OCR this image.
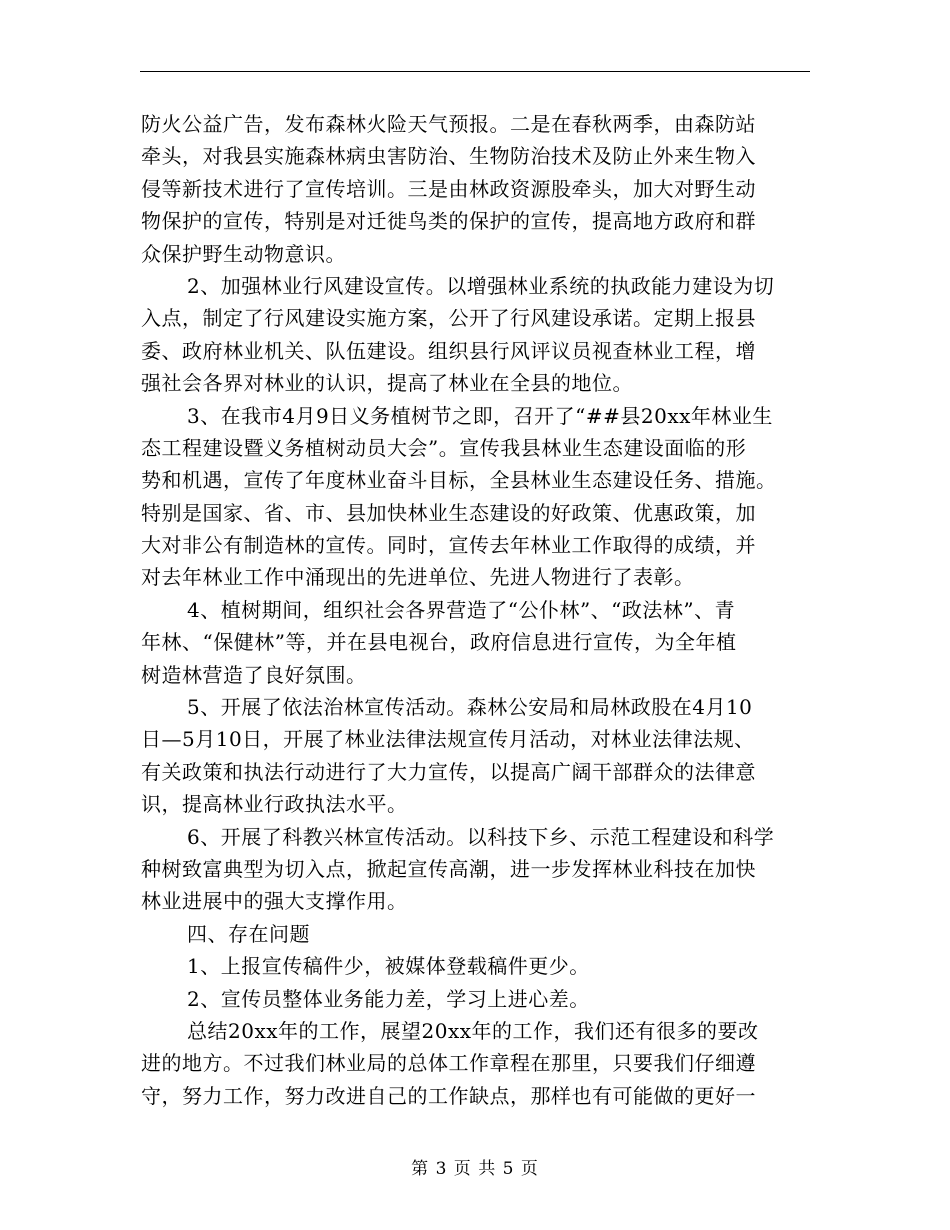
防火公益广告，发布森林火险天气预报。二是在春秋两季，由森防站
牵头，对我县实施森林病虫害防治、生物防治技术及防止外来生物入
侵等新技术进行了宣传培训。三是由林政资源股牵头，加大对野生动
物保护的宣传，特别是对迁徙鸟类的保护的宣传，提高地方政府和群
众保护野生动物意识。
2、加强林业行风建设宣传。以增强林业系统的执政能力建设为切
入点，制定了行风建设实施方案，公开了行风建设承诺。定期上报县
委、政府林业机关、队伍建设。组织县行风评议员视查林业工程，增
强社会各界对林业的认识，提高了林业在全县的地位。
3、在我市4月9日义务植树节之即，召开了“##县20xx年林业生
态工程建设暨义务植树动员大会”。宣传我县林业生态建设面临的形
势和机遇，宣传了年度林业奋斗目标，全县林业生态建设任务、措施。
特别是国家、省、市、县加快林业生态建设的好政策、优惠政策，加
大对非公有制造林的宣传。同时，宣传去年林业工作取得的成绩，并
对去年林业工作中涌现出的先进单位、先进人物进行了表彰。
4、植树期间，组织社会各界营造了“公仆林”、“政法林”、青
年林、“保健林”等，并在县电视台，政府信息进行宣传，为全年植
树造林营造了良好氛围。
5、开展了依法治林宣传活动。森林公安局和局林政股在4月10
日—5月10日，开展了林业法律法规宣传月活动，对林业法律法规、
有关政策和执法行动进行了大力宣传，以提高广阔干部群众的法律意
识，提高林业行政执法水平。
6、开展了科教兴林宣传活动。以科技下乡、示范工程建设和科学
种树致富典型为切入点，掀起宣传高潮，进一步发挥林业科技在加快
林业进展中的强大支撑作用。
四、存在问题
1、上报宣传稿件少，被媒体登载稿件更少。
2、宣传员整体业务能力差，学习上进心差。
总结20xx年的工作，展望20xx年的工作，我们还有很多的要改
进的地方。不过我们林业局的总体工作章程在那里，只要我们仔细遵
守，努力工作，努力改进自己的工作缺点，那样也有可能做的更好一
第 3 页 共 5 页
